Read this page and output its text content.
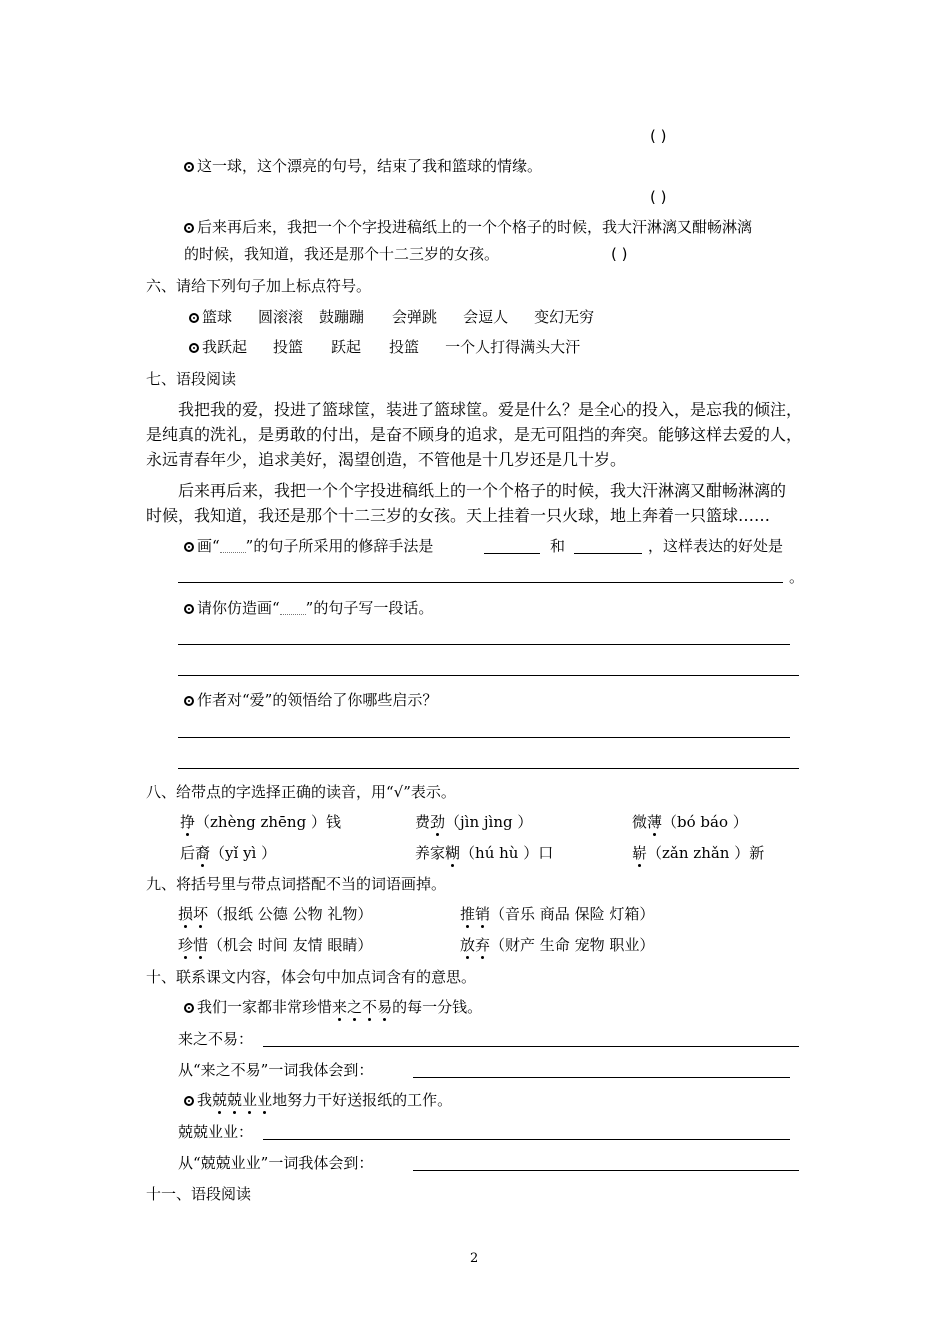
( )
这一球，这个漂亮的句号，结束了我和篮球的情缘。
( )
后来再后来，我把一个个字投进稿纸上的一个个格子的时候，我大汗淋漓又酣畅淋漓
的时候，我知道，我还是那个十二三岁的女孩。	( )
六、请给下列句子加上标点符号。
篮球 圆滚滚 鼓蹦蹦 会弹跳 会逗人 变幻无穷
我跃起 投篮 跃起 投篮 一个人打得满头大汗
七、语段阅读
我把我的爱，投进了篮球筐，装进了篮球筐。爱是什么？是全心的投入，是忘我的倾注，
是纯真的洗礼，是勇敢的付出，是奋不顾身的追求，是无可阻挡的奔突。能够这样去爱的人，
永远青春年少，追求美好，渴望创造，不管他是十几岁还是几十岁。
后来再后来，我把一个个字投进稿纸上的一个个格子的时候，我大汗淋漓又酣畅淋漓的
时候，我知道，我还是那个十二三岁的女孩。天上挂着一只火球，地上奔着一只篮球……
画“ ”的句子所采用的修辞手法是	和	，这样表达的好处是
。
请你仿造画“ ”的句子写一段话。
作者对“爱”的领悟给了你哪些启示？
八、给带点的字选择正确的读音，用“√”表示。
挣（zhèng zhēng ）钱	费劲（jìn jìng ）	微薄（bó báo ）
后裔（yǐ yì ）	养家糊（hú hù ）口	崭（zǎn zhǎn ）新
九、将括号里与带点词搭配不当的词语画掉。
损坏（报纸 公德 公物 礼物）	推销（音乐 商品 保险 灯箱）
珍惜（机会 时间 友情 眼睛）	放弃（财产 生命 宠物 职业）
十、联系课文内容，体会句中加点词含有的意思。
我们一家都非常珍惜来之不易的每一分钱。
来之不易：
从“来之不易”一词我体会到：
我兢兢业业地努力干好送报纸的工作。
兢兢业业：
从“兢兢业业”一词我体会到：
十一、语段阅读
2
